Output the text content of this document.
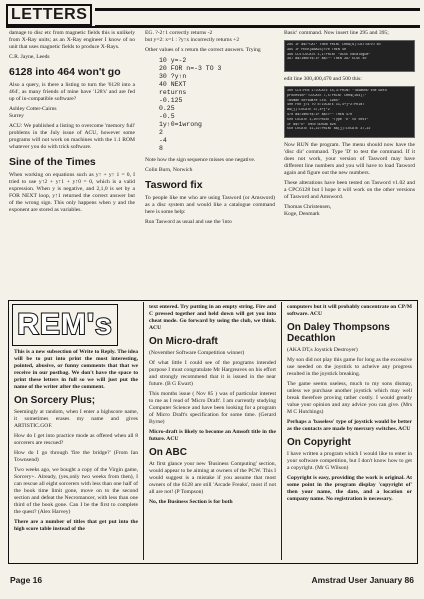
LETTERS

damage to disc etc from magnetic fields this is unlikely from X-Ray units; as an X-Ray engineer I know of no unit that uses magnetic fields to produce X-Rays.

C.R. Jayne, Leeds

6128 into 464 won't go

Also a query, is there a listing to turn the '6128 into a 464', as many friends of mine have '128's' and are fed up of in-compatible software?

Ashley Cotter-Cairns

Surrey

ACU: We published a listing to overcome 'memory full' problems in the July issue of ACU, however some programs will not work on machines with the 1.1 ROM whatever you do with trick software.

Sine of the Times

When working on equations such as y↑ + y↑ 1 = 0, I tried to use y↑2 + y↑1 + y↑0 = 0, which is a valid expression. When y is negative, and 2,1,0 is set by a FOR NEXT loop, y↑1 returned the correct answer but of the wrong sign. This only happens when y and the exponent are stored as variables.

EG. ?-2↑1 correctly returns -2

but y=2: x=1 : ?y↑x incorrectly returns +2

Other values of x return the correct answers. Trying

10 y=-2
20 FOR n=-3 TO 3
30 ?y↑n
40 NEXT
returns
-0.125
0.25
-0.5
1y↑0=1wrong
2
-4
8

Note how the sign sequence misses one negative.

Colin Burn, Norwich

Tasword fix

To people like me who are using Tasword (or Amsword) as a disc system and would like a catalogue command here is some help:

Run Tasword as usual and use the 'into

Basic' command. Now insert line 295 and 395;

295 IF a$="CAT" THEN PRINT CHR$(6):CAT:GOTO 40
395 IF PEEK(&BA23)<>0 THEN 40
396 CLS:LOCATE 1,1:PRINT "disc catalogue"
397 a$=INKEY$:IF a$="" THEN 397 ELSE 40

edit line 300,400,470 and 500 this:

300 CLS:PEN 1:LOCATE 15,3:PRINT "TASWORD the word
processor":LOCATE 7,5:PRINT CHR$(164);"
Tasman Software Ltd. 1985"
400 FOR j=1 TO 8:LOCATE 11,4+j*2:PRINT
a$(j):LOCATE 37,4+j*2
470 a$=INKEY$:IF a$<>"" THEN 470
500 LOCATE 1,20:PRINT "Type 'D' to test"
IF a$="D" THEN GOSUB 620
550 LOCATE 11,22:PRINT a$(j):LOCATE 37,22

Now RUN the program. The menu should now have the 'disc dir' command. Type 'D' to test the command. If it does not work, your version of Tasword may have different line numbers and you will have to load Tasword again and figure out the new numbers.

These alterations have been tested on Tasword v1.02 and a CPC6128 but I hope it will work on the other versions of Tasword and Amsword.

Thomas Christensen,

Koge, Denmark

REM's

This is a new subsection of Write to Reply. The idea will be to put into print the most interesting, pointed, abusive, or funny comments that that we receive in our postbag. We don't have the space to print these letters in full so we will just put the name of the writer after the comment.

On Sorcery Plus;

Seemingly at random, when I enter a highscore name, it sometimes erases my name and gives ARTISTIC.GOF.

How do I get into practice mode as offered when all 8 sorcerers are rescued?

How do I go through 'fire the bridge?' (From Ian Townsend)

Two weeks ago, we bought a copy of the Virgin game, Sorcery+. Already, (yes,only two weeks from then), I can rescue all eight sorcerers with less than one half of the book time limit gone, move on to the second section and defeat the Necromancer, with less than one third of the book gone. Can I be the first to complete the quest? (Alex Harvey)

There are a number of titles that get put into the high score table instead of the

text entered. Try putting in an empty string. Fire and C pressed together and held down will get you into cheat mode. Go forward by using the club, we think. ACU

On Micro-draft

(November Software Competition winner)

Of what little I could see of the programs intended purpose I must congratulate Mr Hargreaves on his effort and strongly recommend that it is issued in the near future. (B G Ewart)

This months issue ( Nov 85 ) was of particular interest to me as I read of 'Micro Draft'. I am currently studying Computer Science and have been looking for a program of Micro Draft's specification for some time. (Gerard Byrne)

Micro-draft is likely to become an Amsoft title in the future. ACU

On ABC

At first glance your new 'Business Computing' section, would appear to be aiming at owners of the PCW. This I would suggest is a mistake if you assume that most owners of the 6128 are still 'Arcade Freaks', most if not all are not! (P Tompson)

No, the Business Section is for both

computers but it will probably concentrate on CP/M software. ACU

On Daley Thompsons Decathlon

(AKA DT,s Joystick Destroyer)

My son did not play this game for long as the excessive use needed on the joystick to acheive any progress resulted in the joystick breaking.

The game seems useless, much to my sons dismay, unless we purchase another joystick which may well break therefore proving rather costly. I would greatly value your opinion and any advice you can give. (Mrs M C Hutchings)

Perhaps a 'baseless' type of joystick would be better as the contacts are made by mercury switches. ACU

On Copyright

I have written a program which I would like to enter in your software competition, but I don't know how to get a copyright. (Mr G Wilson)

Copyright is easy, providing the work is original. At some point in the program display 'copyright of' then your name, the date, and a location or company name. No registration is necessary.

Page 16	Amstrad User January 86
